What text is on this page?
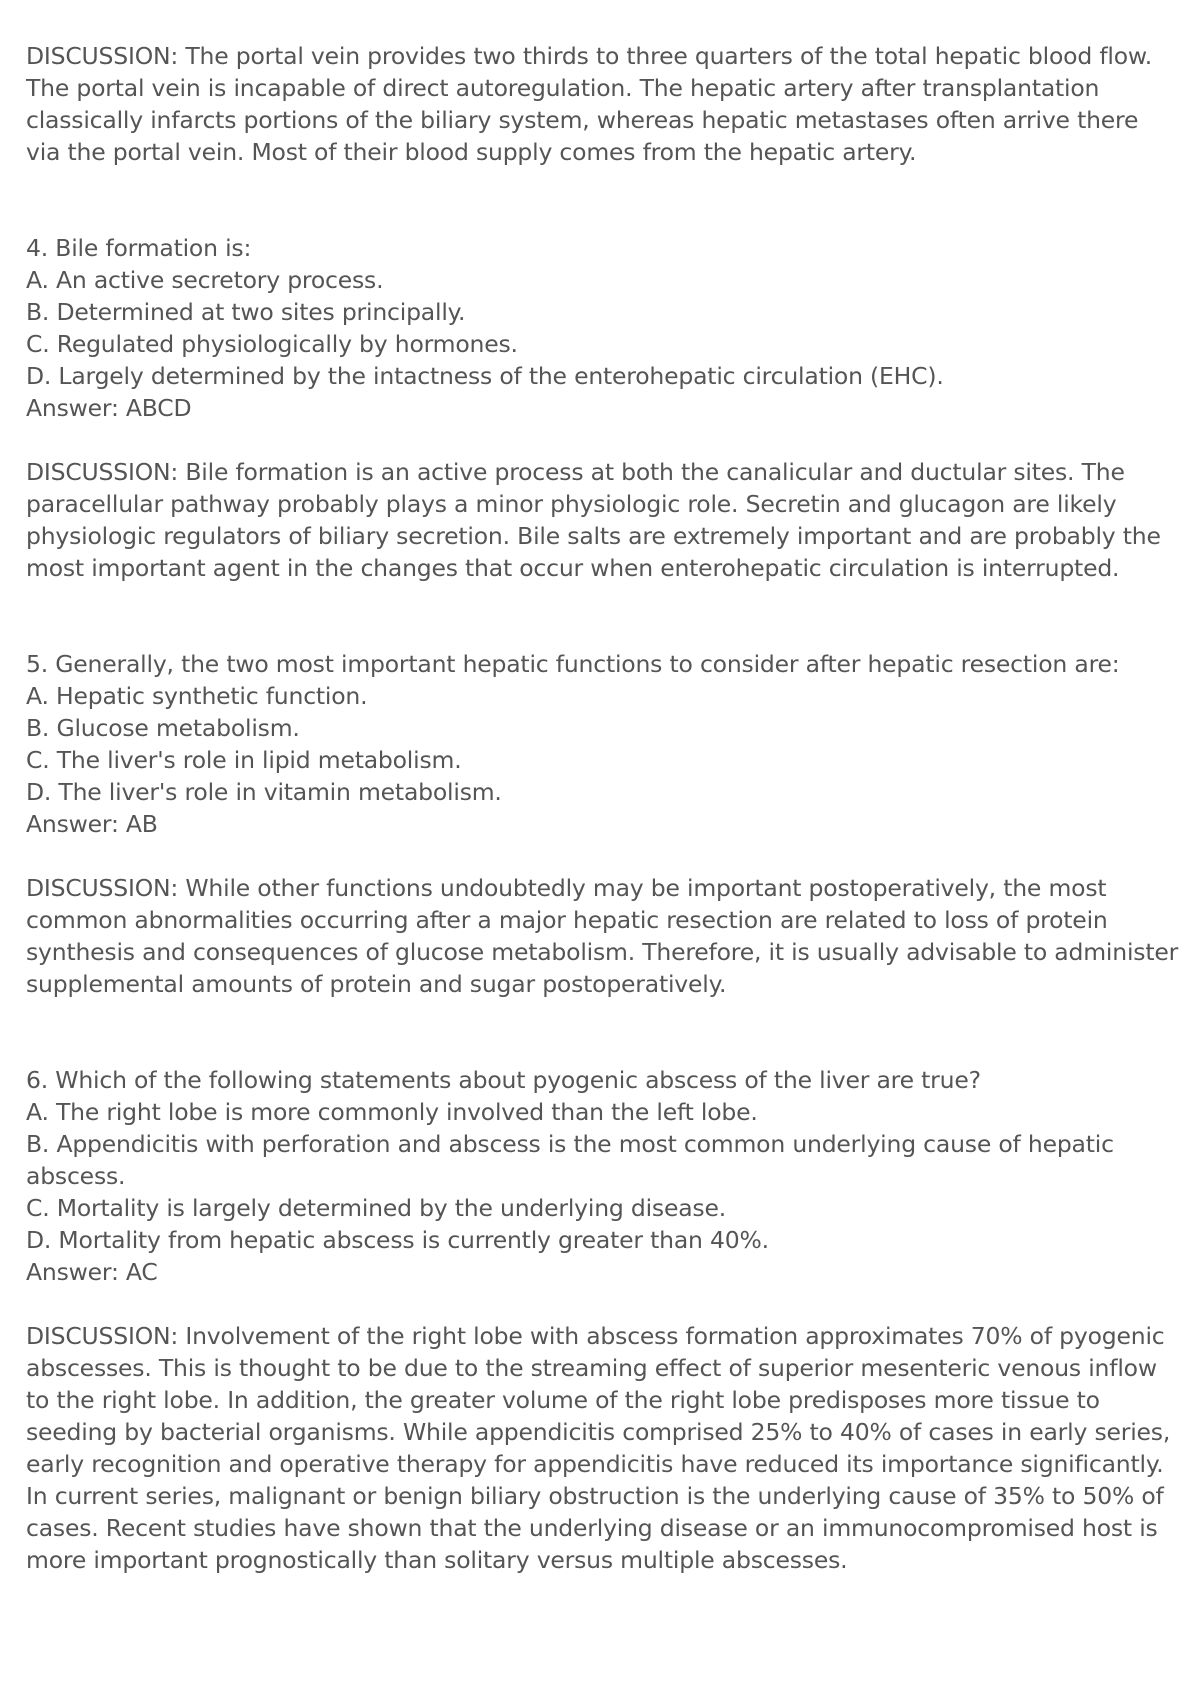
DISCUSSION: The portal vein provides two thirds to three quarters of the total hepatic blood flow.
The portal vein is incapable of direct autoregulation. The hepatic artery after transplantation
classically infarcts portions of the biliary system, whereas hepatic metastases often arrive there
via the portal vein. Most of their blood supply comes from the hepatic artery.
4. Bile formation is:
A. An active secretory process.
B. Determined at two sites principally.
C. Regulated physiologically by hormones.
D. Largely determined by the intactness of the enterohepatic circulation (EHC).
Answer: ABCD
DISCUSSION: Bile formation is an active process at both the canalicular and ductular sites. The
paracellular pathway probably plays a minor physiologic role. Secretin and glucagon are likely
physiologic regulators of biliary secretion. Bile salts are extremely important and are probably the
most important agent in the changes that occur when enterohepatic circulation is interrupted.
5. Generally, the two most important hepatic functions to consider after hepatic resection are:
A. Hepatic synthetic function.
B. Glucose metabolism.
C. The liver's role in lipid metabolism.
D. The liver's role in vitamin metabolism.
Answer: AB
DISCUSSION: While other functions undoubtedly may be important postoperatively, the most
common abnormalities occurring after a major hepatic resection are related to loss of protein
synthesis and consequences of glucose metabolism. Therefore, it is usually advisable to administer
supplemental amounts of protein and sugar postoperatively.
6. Which of the following statements about pyogenic abscess of the liver are true?
A. The right lobe is more commonly involved than the left lobe.
B. Appendicitis with perforation and abscess is the most common underlying cause of hepatic
abscess.
C. Mortality is largely determined by the underlying disease.
D. Mortality from hepatic abscess is currently greater than 40%.
Answer: AC
DISCUSSION: Involvement of the right lobe with abscess formation approximates 70% of pyogenic
abscesses. This is thought to be due to the streaming effect of superior mesenteric venous inflow
to the right lobe. In addition, the greater volume of the right lobe predisposes more tissue to
seeding by bacterial organisms. While appendicitis comprised 25% to 40% of cases in early series,
early recognition and operative therapy for appendicitis have reduced its importance significantly.
In current series, malignant or benign biliary obstruction is the underlying cause of 35% to 50% of
cases. Recent studies have shown that the underlying disease or an immunocompromised host is
more important prognostically than solitary versus multiple abscesses.
